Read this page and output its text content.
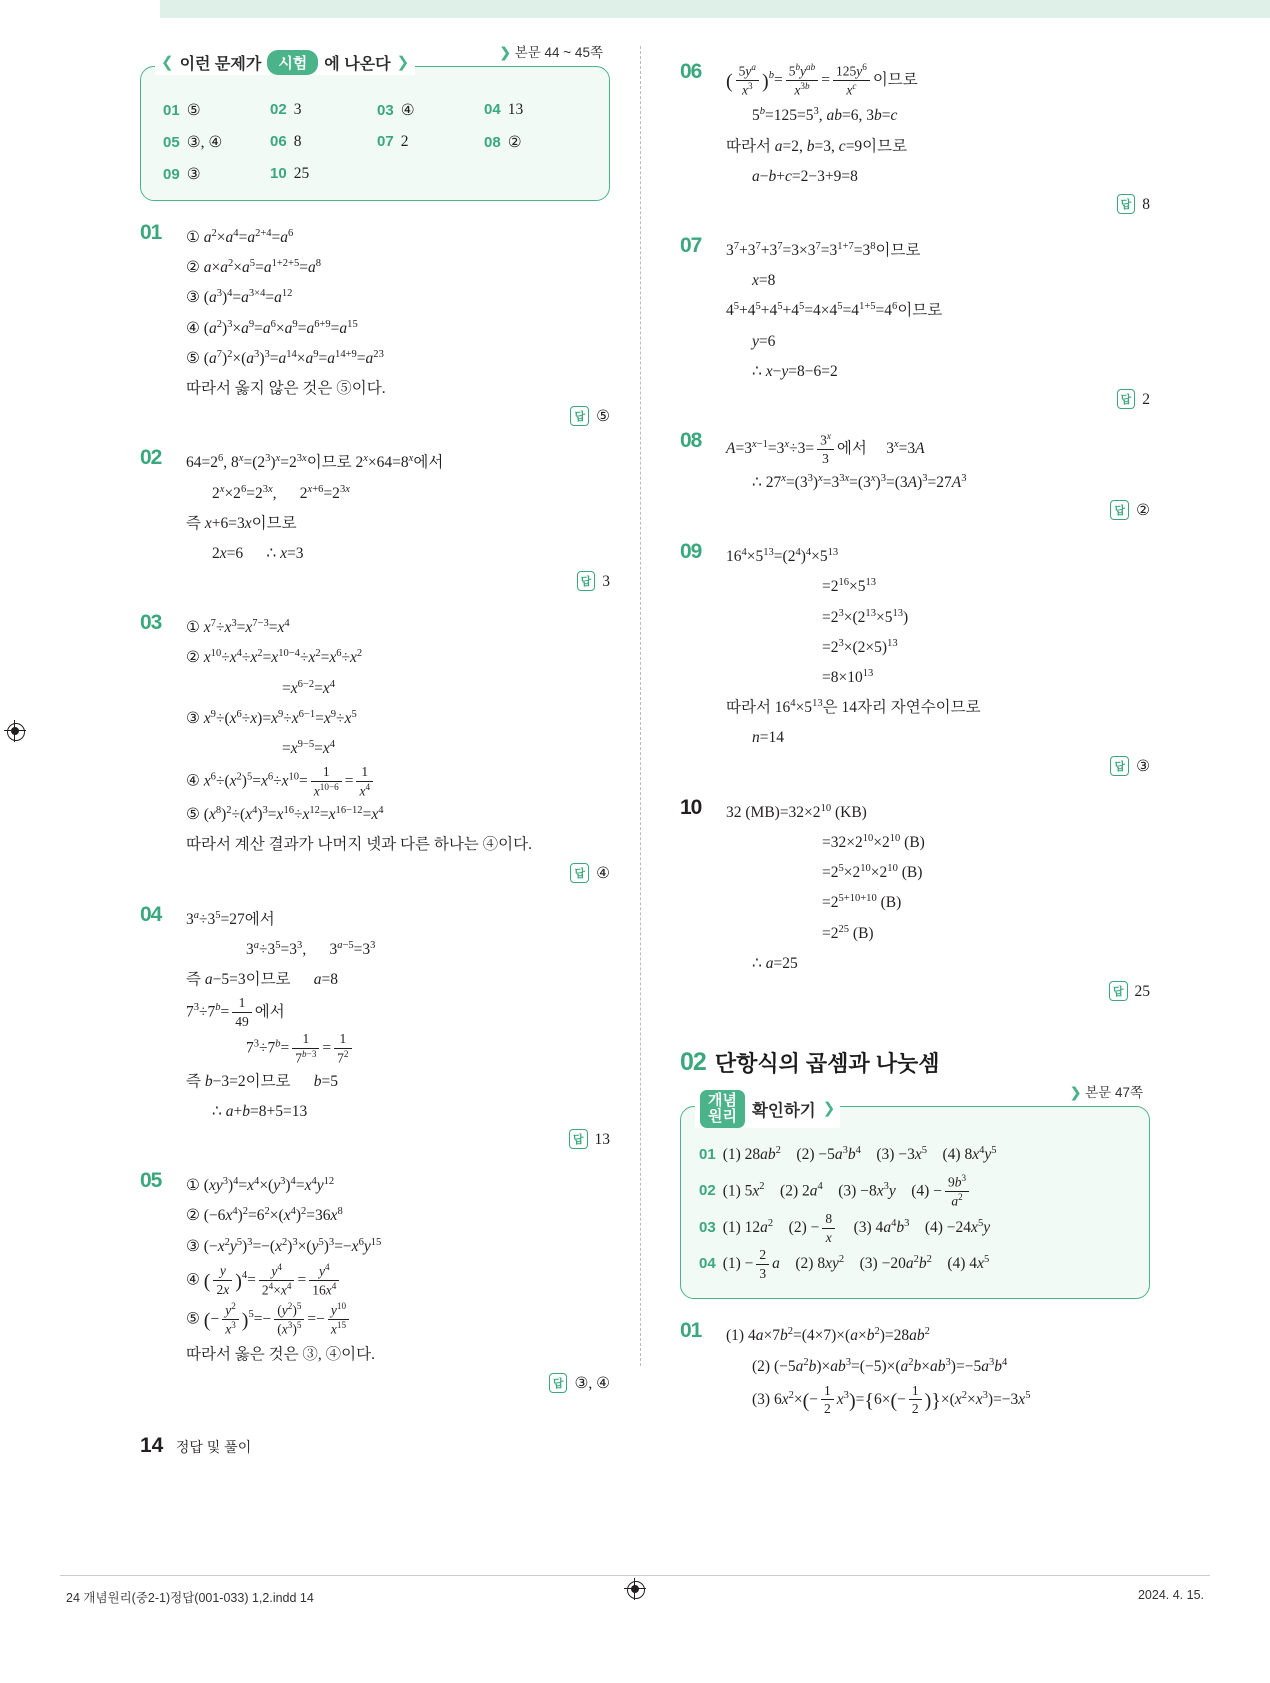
❮ 이런 문제가	시험	에 나온다 ❯
❯ 본문 44 ~ 45쪽
01 ⑤	02 3	03 ④	04 13
05 ③, ④	06 8	07 2	08 ②
09 ③	10 25
01 ① $a^2\times a^4=a^{2+4}=a^6$
② $a\times a^2\times a^5=a^{1+2+5}=a^8$
③ $(a^3)^4=a^{3\times 4}=a^{12}$
④ $(a^2)^3\times a^9=a^6\times a^9=a^{6+9}=a^{15}$
⑤ $(a^7)^2\times(a^3)^3=a^{14}\times a^9=a^{14+9}=a^{23}$
따라서 옳지 않은 것은 ⑤이다.
답 ⑤
02 $64=2^6$, $8^x=(2^3)^x=2^{3x}$이므로 $2^x\times 64=8^x$에서
$2^x\times 2^6=2^{3x}$,      $2^{x+6}=2^{3x}$
즉 x+6=3x이므로
2x=6      ∴ x=3
답 3
03 ① $x^7\div x^3=x^{7-3}=x^4$
② $x^{10}\div x^4\div x^2=x^{10-4}\div x^2=x^6\div x^2$
$=x^{6-2}=x^4$
③ $x^9\div(x^6\div x)=x^9\div x^{6-1}=x^9\div x^5$
$=x^{9-5}=x^4$
④ $x^6\div(x^2)^5=x^6\div x^{10}= \frac{1}{x^{10-6}} = \frac{1}{x^4}$
⑤ $(x^8)^2\div(x^4)^3=x^{16}\div x^{12}=x^{16-12}=x^4$
따라서 계산 결과가 나머지 넷과 다른 하나는 ④이다.
답 ④
04 $3^a\div 3^5=27$에서
$3^a\div 3^5=3^3$,      $3^{a-5}=3^3$
즉 a−5=3이므로      a=8
$7^3\div 7^b= \frac{1}{49}$ 에서
$7^3\div 7^b= \frac{1}{7^{b-3}} = \frac{1}{7^2}$
즉 b−3=2이므로      b=5
∴ a+b=8+5=13
답 13
05 ① $(xy^3)^4=x^4\times(y^3)^4=x^4y^{12}$
② $(-6x^4)^2=6^2\times(x^4)^2=36x^8$
③ $(-x^2y^5)^3=-(x^2)^3\times(y^5)^3=-x^6y^{15}$
④ ( $\frac{y}{2x} )^4= \frac{y^4}{2^4\times x^4} = \frac{y^4}{16x^4}$
⑤ (− $\frac{y^2}{x^3} )^5=- \frac{(y^2)^5}{(x^3)^5} =- \frac{y^{10}}{x^{15}}$
따라서 옳은 것은 ③, ④이다.
답 ③, ④
06 ( $\frac{5y^a}{x^3} )^b= \frac{5^by^{ab}}{x^{3b}} = \frac{125y^6}{x^c}$ 이므로
$5^b=125=5^3$, ab=6, 3b=c
따라서 a=2, b=3, c=9이므로
a−b+c=2−3+9=8
답 8
07 $3^7+3^7+3^7=3\times 3^7=3^{1+7}=3^8$이므로
x=8
$4^5+4^5+4^5+4^5=4\times 4^5=4^{1+5}=4^6$이므로
y=6
∴ x−y=8−6=2
답 2
08 $A=3^{x-1}=3^x\div 3= \frac{3^x}{3}$ 에서     $3^x=3A$
∴ $27^x=(3^3)^x=3^{3x}=(3^x)^3=(3A)^3=27A^3$
답 ②
09 $16^4\times 5^{13}=(2^4)^4\times 5^{13}$
$=2^{16}\times 5^{13}$
$=2^3\times(2^{13}\times 5^{13})$
$=2^3\times(2\times 5)^{13}$
$=8\times 10^{13}$
따라서 $16^4\times 5^{13}$은 14자리 자연수이므로
n=14
답 ③
10 32 $(MB)=32\times 2^{10}$ (KB)
$=32\times 2^{10}\times 2^{10}$ (B)
$=2^5\times 2^{10}\times 2^{10}$ (B)
$=2^{5+10+10}$ (B)
$=2^{25}$ (B)
∴ a=25
답 25
02 단항식의 곱셈과 나눗셈
개념
원리 확인하기 ❯
❯ 본문 47쪽
01 (1) $28ab^2$    $(2) -5a^3b^4$    $(3) -3x^5$    (4) $8x^4y^5$
02 (1) $5x^2$    (2) $2a^4$    $(3) -8x^3y$    $(4) - \frac{9b^3}{a^2}$
03 (1) $12a^2$    $(2) - \frac{8}{x} (3)$ $4a^4b^3$    $(4) -24x^5y$
04 $(1) - \frac{2}{3}$ a    (2) $8xy^2$    $(3) -20a^2b^2$    (4) $4x^5$
01 (1) $4a\times 7b^2=(4\times 7)\times(a\times b^2)=28ab^2$
(2) $(-5a^2b)\times ab^3=(-5)\times(a^2b\times ab^3)=-5a^3b^4$
(3) $6x^2\times(- \frac{1}{2} x^3)=\{6\times(- \frac{1}{2} )\}\times(x^2\times x^3)=-3x^5$
14 정답 및 풀이
24 개념원리(중2-1)정답(001-033) 1,2.indd 14	2024. 4. 15.
